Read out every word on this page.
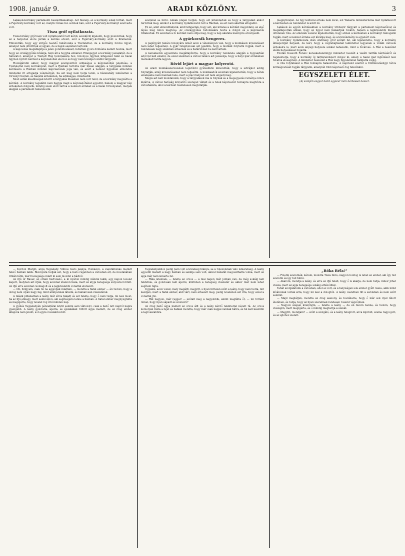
1908. január 9.	ARADI KÖZLÖNY.	3

Lakások-kormány parlamenti beszédükaiekben. Azt hiszem, ez a kormány sokat bírhat, mert a Fejérváry-kormány volt az, melyik rómas fel- sőbbek ban, sőbt a Fejérváry-kormányt szervezte volt.

Tisza gróf nyilatkozata.

Tisza Istvány gróf nem volt nyilatkozatót tett kérdi, azonkívül kijelenti, hogy mondottak, hogy az a helyeivel előre jártak a kérdés elvont, szól a Fejérváry-kormány előtt a Kramerek. Elmondták, hogy egy sürgős teendő határozata a Tisztelettel, de a kormány fontos ügyet, amelyet nem döntöttek el ugyan, de a bajok esetében tartozik.

A kapcsolás megállapítja a jelen gondolkozásait, feltétlen gyors döntésbe kellett hoznia, mert hogy az országgyűlés kívánja, fenn áll a hogyha elmarad. Ellenjegyzi a kormány javaslatát, de a hálózatot, amelyet a Tisztelt Ház tudomására hoz, bizonyos ügyben kifejezést talál és hazai ügyben nyitott kérdést a képviselőház elé hoz és hogy nem kívánja további tárgyalni.

Hozzájárulni akkor, hogy magyar szempontból szükséges a képviselőház jelentése, a Tisztelettel nem kormányzat, mert a Házban tartotta már ülései alapján, a tárgyalás minden kérdésére a Házban minden képviselőnek joga van, és ezért a nemzet ügyeiben elmondva mindenki itt elfogadja véleményét, ha azt meg nem tudja tenni, a házszabály ismételten a törvényt tiszteli, és hazánk érdekében, ha szükséges, intézkedik.

Most aztán kisebbségek között a tárgyalás ülésében nem volt rend, de a kormány megvédte a kérdést. A kormány legalább nem hagyja majd a képviselőházat egyedül, hanem a magyar nép érdekében dolgozik, mindig szem előtt tartva a nemzeti érdeket és a hazai törvényeket, melyek alapján a parlament tanácskozik.

szemmel se bírni. Annak idején tudjuk, hogy ezt kirendezték és hogy a tárgyalást akkor tartották meg, amikor a kormány nyilatkozatot tett a Házban, és ezt nem akarták elfogadni.

Ez az, amit elmondhatunk, amit kifejeztek, hogy azt, aki köteles a kérdést megoldani, az első lépés még nincs megtéve. Az országgyűlés tudomására hozta a dolgot és a képviselők tiltakoztak. Ez azonban a fő kérdést nem oldja meg, hogy a nép akarata mennyire érvényesül.

A gyárkocsik hengeres.

A papírgyári tanács bizonyára ismét azon a véleményen van, hogy a munkások követeléseit nem lehet teljesíteni. A gyár tulajdonosai azt jelentik, hogy a munkát folytatni fogják, mert a rendelések nagy számban érkeznek és a határidőket be kell tartani.

A kereskedők egyesülete megállapította, hogy a kormány rendelete alapján a fogyasztási adót fel kell emelni, de ezzel szemben a városi tanács azt javasolja, hogy a helyi ipar érdekében mérsékelt tarifa legyen.

Rövid lejárt a magyar kolyerotó.

Az aradi munkásszervezetek legutóbbi gyűlésükön kimondták, hogy a sztrájkot addig folytatják, amíg követeléseiket nem teljesítik. A munkaadók azonban kijelentették, hogy a bérek emelésébe nem mennek bele, mert a piaci helyzet ezt nem engedi meg.

Mégis azt kell mondanunk, hogy a tárgyalások ma is folynak és a megegyezés reménye nincs kizárva. A városi hatóság közvetítő szerepet vállalt és a felek képviselőit holnapra meghívta a városházára, ahol a kérdést részletesen megvitatják.

megnyilvánul. Az ügy kultúrai értéke nem kicsi, sőt Wekerle minisztériuma már nyilatkozott a kérdésben és rendeletet is adott ki.

Lakások és egyéb kérdésekben a kormány többször tárgyalt a parlament képviselőivel és megállapodtak abban, hogy az ügyet nem halasztják tovább, hanem a legközelebbi ülésen döntenek róla. Az ellenzék vezérei kijelentették, hogy ebben a kérdésben a kormányt támogatni fogják, mert a nemzet érdeke ezt kívánja meg, és a közvélemény is egyetért vele.

A kormány nyilatkozata után Andrássy gróf szólalt fel, aki kijelentette, hogy a kormány álláspontját helyesli, de kéri, hogy a végrehajtásnál tekintettel legyenek a vidéki városok érdekeire is, mert azok anyagi helyzete sokkal nehezebb, mint a fővárosé. A Ház a beszédet élénk helyesléssel fogadta.

Ezután Kossuth Ferenc kereskedelemügyi miniszter beszélt a vasúti tarifák kérdéséről és bejelentette, hogy a kormány új tarifarendszert dolgoz ki, amely a hazai ipar fejlődését lesz hivatva elősegíteni. A miniszter beszédét a Ház nagy figyelemmel hallgatta végig.

A vita folytatását a Ház holnapra halasztotta. A napirend szerint a földmívelésügyi tárca költségvetését fogják tárgyalni, amelynél több képviselő fog felszólalni.

EGYSZELETI ÉLET.
(A) szekjén esgyur kelet egyszer nem kézhessal beszer.

— Kordon Margit, anya Tegzelaby Vilmos festő leánya, Pomázon, a vasútállomás mellett fekvő házban lakik. Bizonyára tudják azt, hogy a festő régebben a városban élt, de mostanában ritkán látni, mert betegsége miatt ki sem mozdul a házból.

Az ifjú úr Bauer, az ottani tisztviselő, a ki nyáron mindig nálunk lakik, egy napon levelet kapott, melyben azt írják, hogy azonnal utazzon haza, mert az atyja betegsége súlyosra fordult. Az ifjú erre azonnal csomagolt és a legközelebbi vonattal elutazott.

— Oh, hölgyem, csak ön ne aggódjék miattam, — mondta a fiatal ember — én tudom, hogy a dolog nem olyan nagy baj, mint amilyennek látszik, és hamarosan visszatérek.

A másik pillanatban a leány már sírva fakadt és azt felelte, hogy ő nem tudja, mi lesz most, ha az ifjú elmegy, mert senki sincs, aki segítségére lenne a házban. A fiatal ember megnyugtatta és megígérte, hogy levelet fog írni minden nap.

A gyűlés Tegzelabyék pénzeltárai közül semmi sem változott, csak a festő lett napról napra gyengébb. A leány gondozta, ápolta, és éjszakákat töltött ágya mellett, de az öreg ember állapota nem javult, sőt egyre rosszabbodott.

Tegzelabyékhoz pedig nem volt a közelség hiánya, se a rokonoknak való ismeretség. A leány egyedül maradt a nagy házban és senkije sem volt, akivel bánatát megoszthatta volna, mert az apja már nem ismerte fel.

— Hála istennek, — felelte az orvos — a mai napon már jobban van, de még sokáig kell feküdnie, és gondosan kell ápolni, különben a betegség visszatér és akkor már nem lehet segíteni rajta.

Ugyanis, azon vonat, mely megállt, megjött, s ilyen hirtelen szólt a leány, hogy nem tudta, mit kezdjen, mert a fiatal ember, akit várt, nem érkezett meg, pedig levelében azt írta, hogy ezzel a vonattal jön.

— Hát nagyon, már reggel! — szólalt meg a nagyobbik, amint meglátta őt, — mi történt önnel, hogy ilyen sápadt és szomorú?

Az öreg festő ágya mellett az orvos állt és a leány kérdő tekintettel nézett rá. Az orvos komolyan rázta a fejét és halkan mondta, hogy már csak napjai vannak hátra, és fel kell készülni a legrosszabbra.

„Rőka Béla!”

— Fizetni szeretnék, kérem, mondta Tisza Imre, nagyon boldog is lehet az ember, aki így tud szeretni és így tud hinni.

— Akarom, mondja a leány, és erre az ifjú felelt, hogy ő is akarja, de nem tudja, mikor jöhet vissza, mert az apja betegsége sokáig elhúzódhat.

Tehát szolgálatunk a városban, ahol ez volt, és a helyiségen sok ember gyűlt össze, akik mind kíváncsiak voltak arra, hogy mi lesz a dologból. A leány csendben ült a sarokban és nem szólt semmit.

— Majd meglátjuk, mondta az öreg asszony, és hozzátette, hogy ő már sok ilyet látott életében, és tudja, hogy az ilyen szerelmek rendesen rosszul végződnek.

— Nagyon szépen köszönöm, — felelte a leány — de én bízom benne, és tudom, hogy visszajön, mert megígérte, és ő mindig megtartja a szavát.

— Megjött, mondjam? — szólt a szolgáló, és a leány felugrott, arca kipirult, szeme ragyogott, és az ajtóhoz sietett.
